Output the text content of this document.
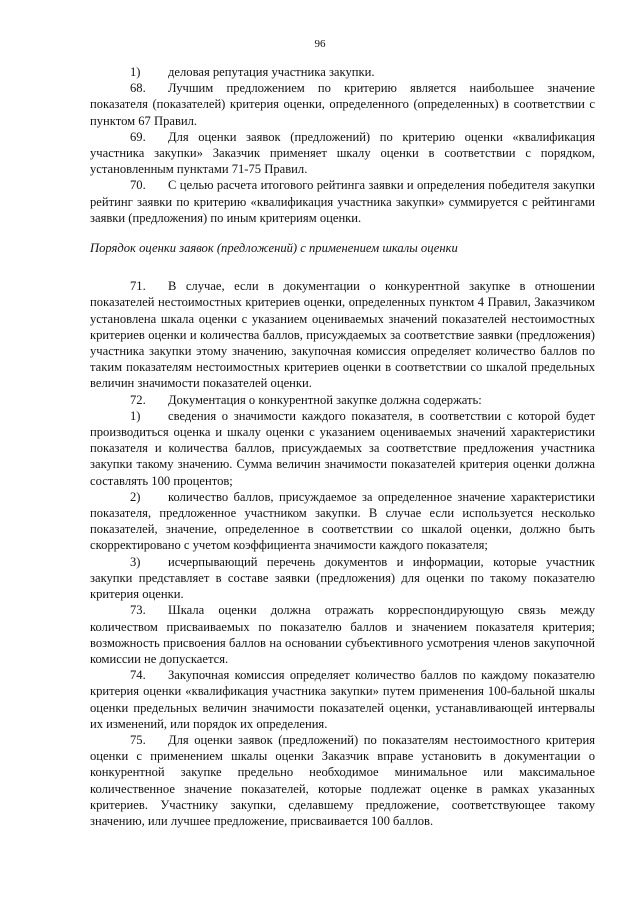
96

1) деловая репутация участника закупки.

68. Лучшим предложением по критерию является наибольшее значение показателя (показателей) критерия оценки, определенного (определенных) в соответствии с пунктом 67 Правил.

69. Для оценки заявок (предложений) по критерию оценки «квалификация участника закупки» Заказчик применяет шкалу оценки в соответствии с порядком, установленным пунктами 71-75 Правил.

70. С целью расчета итогового рейтинга заявки и определения победителя закупки рейтинг заявки по критерию «квалификация участника закупки» суммируется с рейтингами заявки (предложения) по иным критериям оценки.

Порядок оценки заявок (предложений) с применением шкалы оценки

71. В случае, если в документации о конкурентной закупке в отношении показателей нестоимостных критериев оценки, определенных пунктом 4 Правил, Заказчиком установлена шкала оценки с указанием оцениваемых значений показателей нестоимостных критериев оценки и количества баллов, присуждаемых за соответствие заявки (предложения) участника закупки этому значению, закупочная комиссия определяет количество баллов по таким показателям нестоимостных критериев оценки в соответствии со шкалой предельных величин значимости показателей оценки.

72. Документация о конкурентной закупке должна содержать:

1) сведения о значимости каждого показателя, в соответствии с которой будет производиться оценка и шкалу оценки с указанием оцениваемых значений характеристики показателя и количества баллов, присуждаемых за соответствие предложения участника закупки такому значению. Сумма величин значимости показателей критерия оценки должна составлять 100 процентов;

2) количество баллов, присуждаемое за определенное значение характеристики показателя, предложенное участником закупки. В случае если используется несколько показателей, значение, определенное в соответствии со шкалой оценки, должно быть скорректировано с учетом коэффициента значимости каждого показателя;

3) исчерпывающий перечень документов и информации, которые участник закупки представляет в составе заявки (предложения) для оценки по такому показателю критерия оценки.

73. Шкала оценки должна отражать корреспондирующую связь между количеством присваиваемых по показателю баллов и значением показателя критерия; возможность присвоения баллов на основании субъективного усмотрения членов закупочной комиссии не допускается.

74. Закупочная комиссия определяет количество баллов по каждому показателю критерия оценки «квалификация участника закупки» путем применения 100-бальной шкалы оценки предельных величин значимости показателей оценки, устанавливающей интервалы их изменений, или порядок их определения.

75. Для оценки заявок (предложений) по показателям нестоимостного критерия оценки с применением шкалы оценки Заказчик вправе установить в документации о конкурентной закупке предельно необходимое минимальное или максимальное количественное значение показателей, которые подлежат оценке в рамках указанных критериев. Участнику закупки, сделавшему предложение, соответствующее такому значению, или лучшее предложение, присваивается 100 баллов.
